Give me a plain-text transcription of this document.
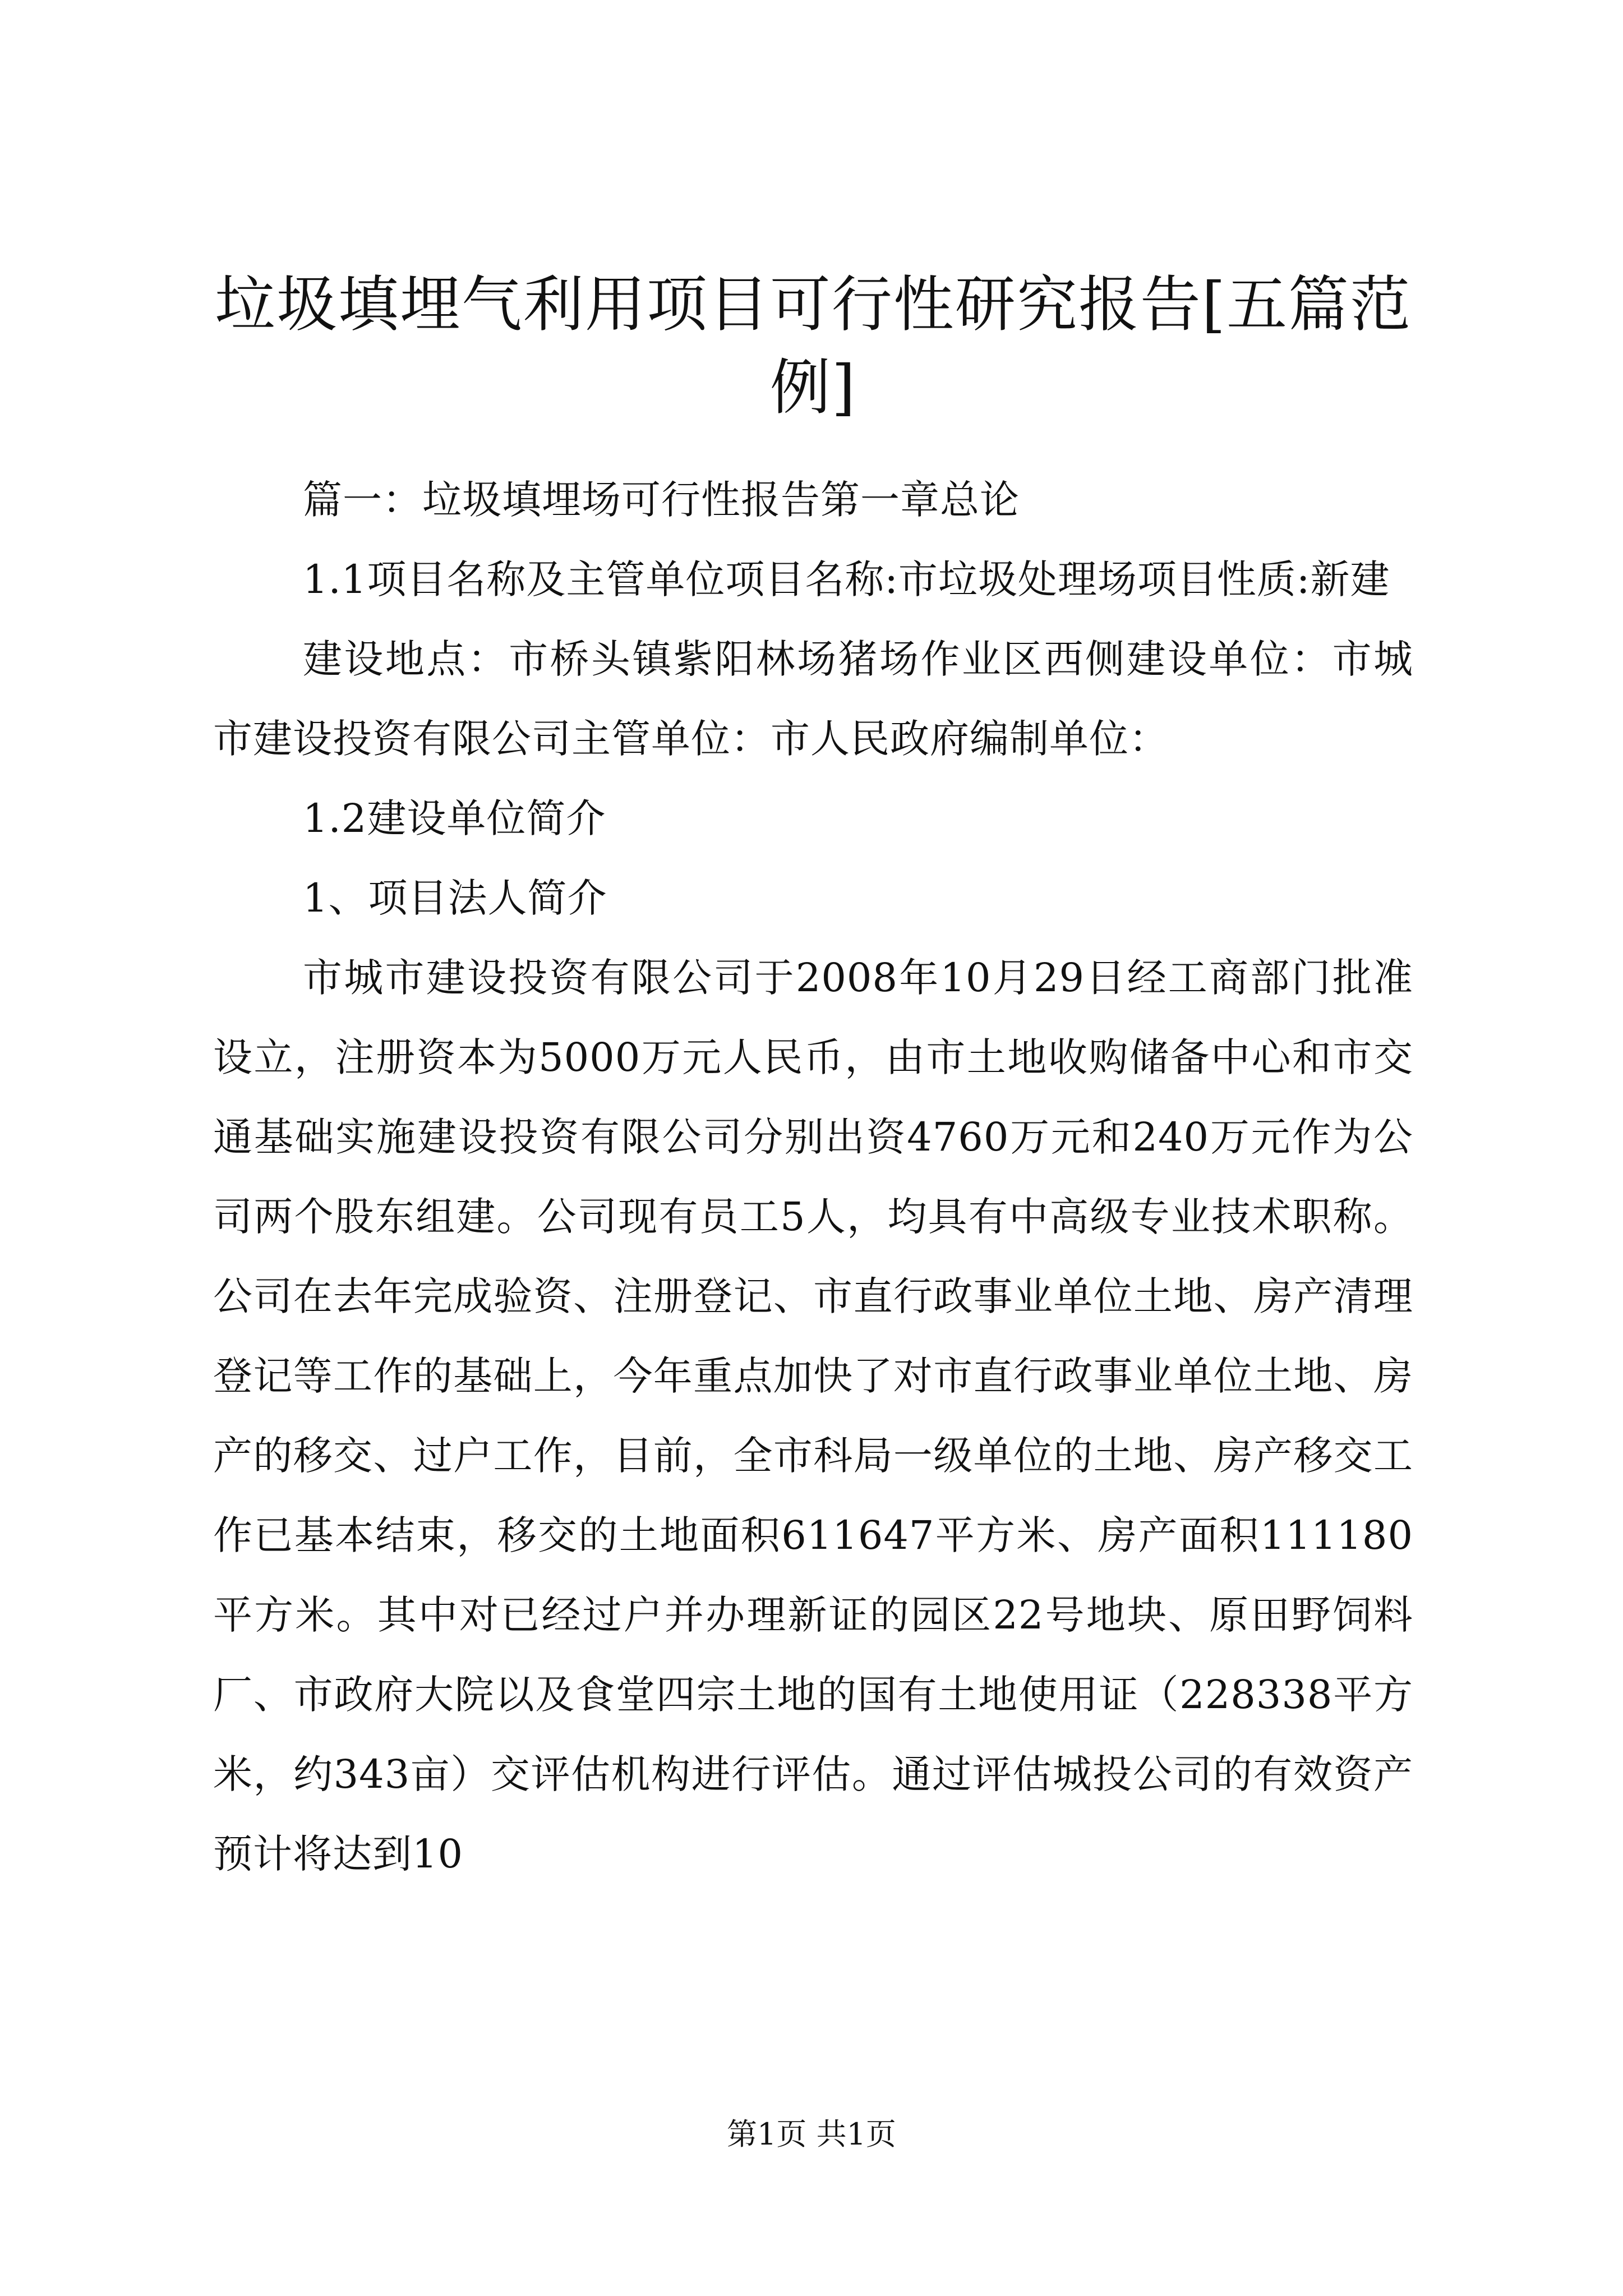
垃圾填埋气利用项目可行性研究报告[五篇范例]

篇一：垃圾填埋场可行性报告第一章总论

1.1项目名称及主管单位项目名称:市垃圾处理场项目性质:新建

建设地点：市桥头镇紫阳林场猪场作业区西侧建设单位：市城市建设投资有限公司主管单位：市人民政府编制单位：

1.2建设单位简介

1、项目法人简介

市城市建设投资有限公司于2008年10月29日经工商部门批准设立，注册资本为5000万元人民币，由市土地收购储备中心和市交通基础实施建设投资有限公司分别出资4760万元和240万元作为公司两个股东组建。公司现有员工5人，均具有中高级专业技术职称。公司在去年完成验资、注册登记、市直行政事业单位土地、房产清理登记等工作的基础上，今年重点加快了对市直行政事业单位土地、房产的移交、过户工作，目前，全市科局一级单位的土地、房产移交工作已基本结束，移交的土地面积611647平方米、房产面积111180平方米。其中对已经过户并办理新证的园区22号地块、原田野饲料厂、市政府大院以及食堂四宗土地的国有土地使用证（228338平方米，约343亩）交评估机构进行评估。通过评估城投公司的有效资产预计将达到10

第1页 共1页
